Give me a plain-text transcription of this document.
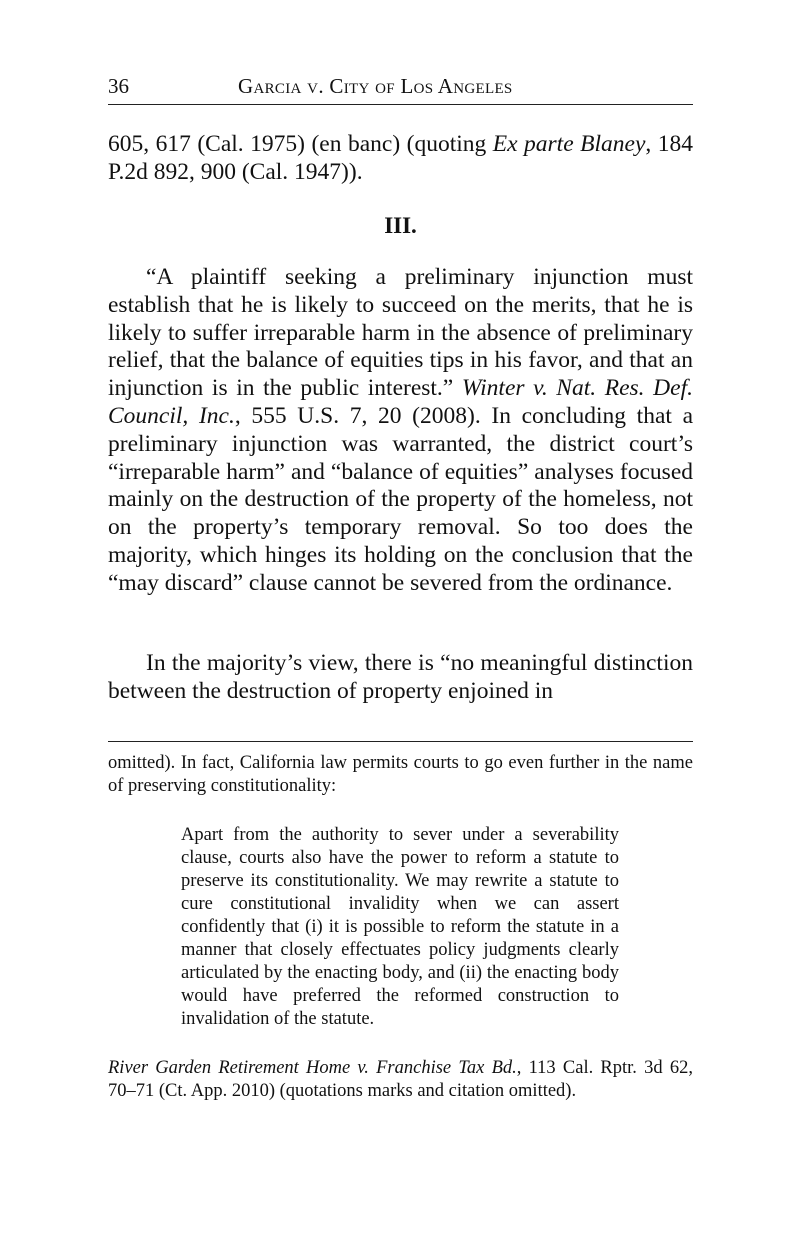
36	Garcia v. City of Los Angeles

605, 617 (Cal. 1975) (en banc) (quoting Ex parte Blaney, 184 P.2d 892, 900 (Cal. 1947)).

III.

“A plaintiff seeking a preliminary injunction must establish that he is likely to succeed on the merits, that he is likely to suffer irreparable harm in the absence of preliminary relief, that the balance of equities tips in his favor, and that an injunction is in the public interest.” Winter v. Nat. Res. Def. Council, Inc., 555 U.S. 7, 20 (2008). In concluding that a preliminary injunction was warranted, the district court’s “irreparable harm” and “balance of equities” analyses focused mainly on the destruction of the property of the homeless, not on the property’s temporary removal. So too does the majority, which hinges its holding on the conclusion that the “may discard” clause cannot be severed from the ordinance.

In the majority’s view, there is “no meaningful distinction between the destruction of property enjoined in

omitted). In fact, California law permits courts to go even further in the name of preserving constitutionality:

Apart from the authority to sever under a severability clause, courts also have the power to reform a statute to preserve its constitutionality. We may rewrite a statute to cure constitutional invalidity when we can assert confidently that (i) it is possible to reform the statute in a manner that closely effectuates policy judgments clearly articulated by the enacting body, and (ii) the enacting body would have preferred the reformed construction to invalidation of the statute.

River Garden Retirement Home v. Franchise Tax Bd., 113 Cal. Rptr. 3d 62, 70–71 (Ct. App. 2010) (quotations marks and citation omitted).
